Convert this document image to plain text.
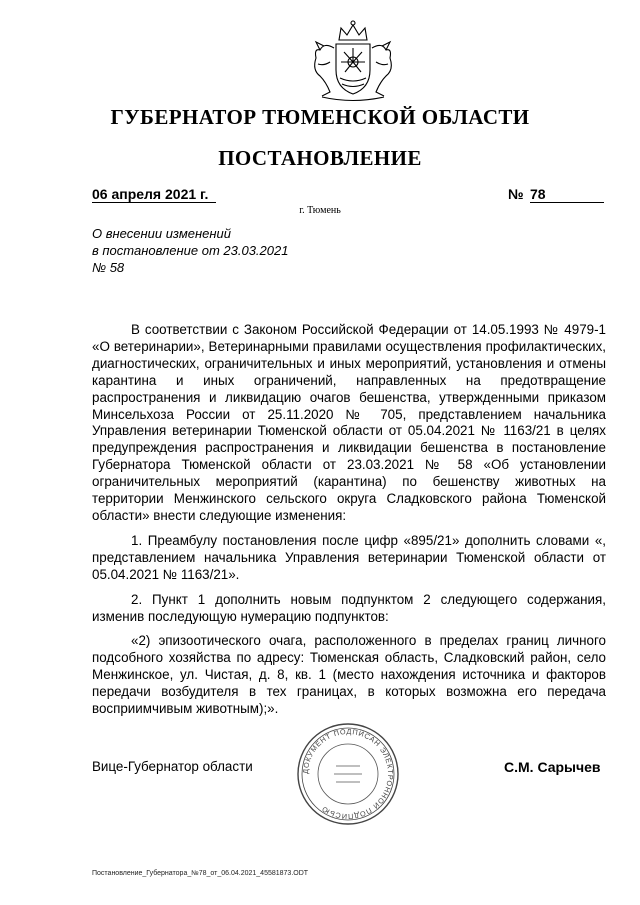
ГУБЕРНАТОР ТЮМЕНСКОЙ ОБЛАСТИ
ПОСТАНОВЛЕНИЕ
06 апреля 2021 г.	№ 78
г. Тюмень
О внесении изменений
в постановление от 23.03.2021
№ 58

В соответствии с Законом Российской Федерации от 14.05.1993 № 4979-1 «О ветеринарии», Ветеринарными правилами осуществления профилактических, диагностических, ограничительных и иных мероприятий, установления и отмены карантина и иных ограничений, направленных на предотвращение распространения и ликвидацию очагов бешенства, утвержденными приказом Минсельхоза России от 25.11.2020 № 705, представлением начальника Управления ветеринарии Тюменской области от 05.04.2021 № 1163/21 в целях предупреждения распространения и ликвидации бешенства в постановление Губернатора Тюменской области от 23.03.2021 № 58 «Об установлении ограничительных мероприятий (карантина) по бешенству животных на территории Менжинского сельского округа Сладковского района Тюменской области» внести следующие изменения:

1. Преамбулу постановления после цифр «895/21» дополнить словами «, представлением начальника Управления ветеринарии Тюменской области от 05.04.2021 № 1163/21».

2. Пункт 1 дополнить новым подпунктом 2 следующего содержания, изменив последующую нумерацию подпунктов:

«2) эпизоотического очага, расположенного в пределах границ личного подсобного хозяйства по адресу: Тюменская область, Сладковский район, село Менжинское, ул. Чистая, д. 8, кв. 1 (место нахождения источника и факторов передачи возбудителя в тех границах, в которых возможна его передача восприимчивым животным);».

ДОКУМЕНТ ПОДПИСАН ЭЛЕКТРОННОЙ ПОДПИСЬЮ
Вице-Губернатор области	С.М. Сарычев
Постановление_Губернатора_№78_от_06.04.2021_45581873.ODT
